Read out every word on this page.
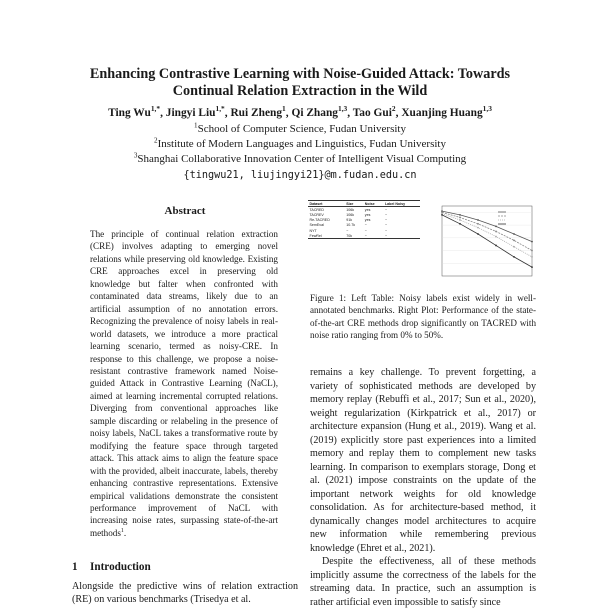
Enhancing Contrastive Learning with Noise-Guided Attack: Towards
Continual Relation Extraction in the Wild
Ting $Wu^{1,*}$, Jingyi Liu$^{1,*}$, Rui Zheng$^1$, Qi Zhang$^{1,3}$, Tao Gui$^2$, Xuanjing Huang$^{1,3}$
$^1$School of Computer Science, Fudan University
$^2$Institute of Modern Languages and Linguistics, Fudan University
$^3$Shanghai Collaborative Innovation Center of Intelligent Visual Computing
{tingwu21, liujingyi21}@m.fudan.edu.cn
Abstract
The principle of continual relation extraction (CRE) involves adapting to emerging novel relations while preserving old knowledge. Existing CRE approaches excel in preserving old knowledge but falter when confronted with contaminated data streams, likely due to an artificial assumption of no annotation errors. Recognizing the prevalence of noisy labels in real-world datasets, we introduce a more practical learning scenario, termed as noisy-CRE. In response to this challenge, we propose a noise-resistant contrastive framework named Noise-guided Attack in Contrastive Learning (NaCL), aimed at learning incremental corrupted relations. Diverging from conventional approaches like sample discarding or relabeling in the presence of noisy labels, NaCL takes a transformative route by modifying the feature space through targeted attack. This attack aims to align the feature space with the provided, albeit inaccurate, labels, thereby enhancing contrastive representations. Extensive empirical validations demonstrate the consistent performance improvement of NaCL with increasing noise rates, surpassing state-of-the-art methods$^1$.
1 Introduction
Alongside the predictive wins of relation extraction (RE) on various benchmarks (Trisedya et al.
Dataset	Size	Noise	Label Noisy
TACRED	106k	yes	~
TACREV	106k	yes	~
Re-TACRED	91k	yes	~
SemEval	10.7k	~	~
NYT	~	~	~
FewRel	70k	~	~
Figure 1: Left Table: Noisy labels exist widely in well-annotated benchmarks. Right Plot: Performance of the state-of-the-art CRE methods drop significantly on TACRED with noise ratio ranging from 0% to 50%.

remains a key challenge. To prevent forgetting, a variety of sophisticated methods are developed by memory replay (Rebuffi et al., 2017; Sun et al., 2020), weight regularization (Kirkpatrick et al., 2017) or architecture expansion (Hung et al., 2019). Wang et al. (2019) explicitly store past experiences into a limited memory and replay them to complement new tasks learning. In comparison to exemplars storage, Dong et al. (2021) impose constraints on the update of the important network weights for old knowledge consolidation. As for architecture-based method, it dynamically changes model architectures to acquire new information while remembering previous knowledge (Ehret et al., 2021).

Despite the effectiveness, all of these methods implicitly assume the correctness of the labels for the streaming data. In practice, such an assumption is rather artificial even impossible to satisfy since
